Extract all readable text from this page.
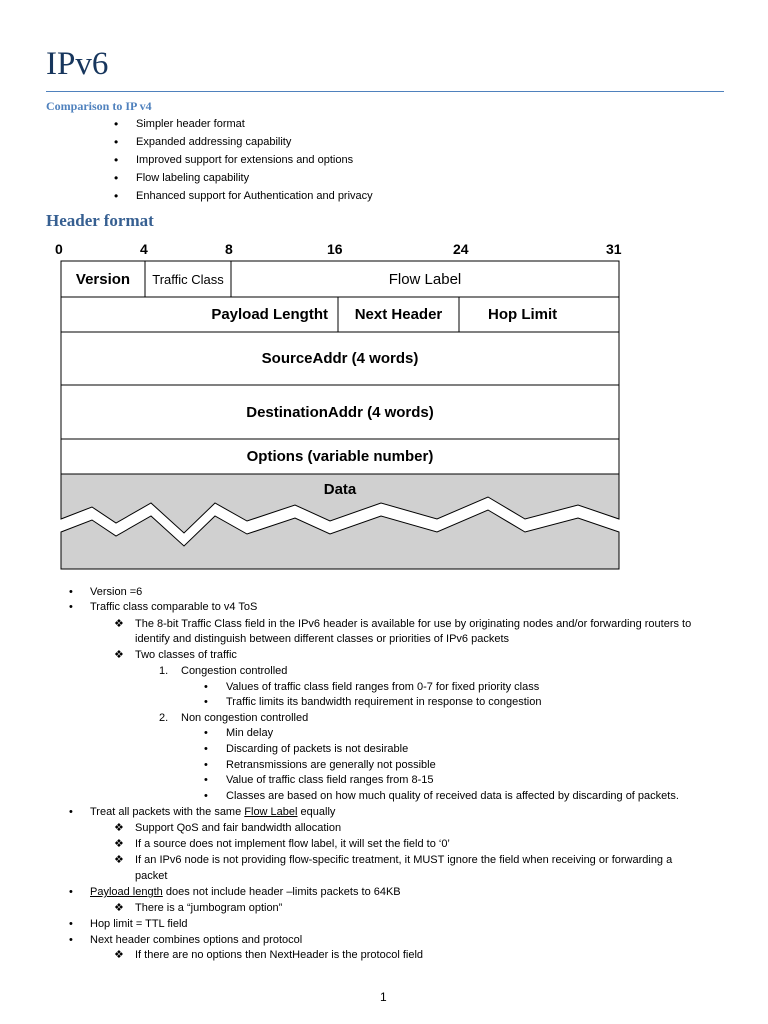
IPv6
Comparison to IP v4
• Simpler header format
• Expanded addressing capability
• Improved support for extensions and options
• Flow labeling capability
• Enhanced support for Authentication and privacy
Header format
0	4	8	16	24	31
Version	Traffic Class	Flow Label
Payload Lengtht	Next Header	Hop Limit
SourceAddr (4 words)
DestinationAddr (4 words)
Options (variable number)
Data
• Version =6
• Traffic class comparable to v4 ToS
❖ The 8-bit Traffic Class field in the IPv6 header is available for use by originating nodes and/or forwarding routers to
identify and distinguish between different classes or priorities of IPv6 packets
❖ Two classes of traffic
1. Congestion controlled
• Values of traffic class field ranges from 0-7 for fixed priority class
• Traffic limits its bandwidth requirement in response to congestion
2. Non congestion controlled
• Min delay
• Discarding of packets is not desirable
• Retransmissions are generally not possible
• Value of traffic class field ranges from 8-15
• Classes are based on how much quality of received data is affected by discarding of packets.
• Treat all packets with the same Flow Label equally
❖ Support QoS and fair bandwidth allocation
❖ If a source does not implement flow label, it will set the field to ‘0’
❖ If an IPv6 node is not providing flow-specific treatment, it MUST ignore the field when receiving or forwarding a
packet
• Payload length does not include header –limits packets to 64KB
❖ There is a “jumbogram option”
• Hop limit = TTL field
• Next header combines options and protocol
❖ If there are no options then NextHeader is the protocol field
1
